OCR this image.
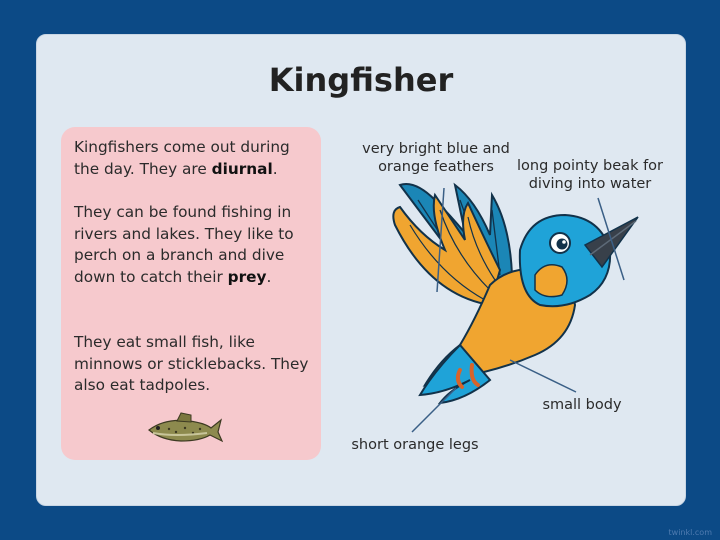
Kingfisher
Kingfishers come out during the day. They are diurnal.
They can be found fishing in rivers and lakes. They like to perch on a branch and dive down to catch their prey.
They eat small fish, like minnows or sticklebacks. They also eat tadpoles.
very bright blue and
orange feathers	long pointy beak for
diving into water
small body
short orange legs
twinkl.com
